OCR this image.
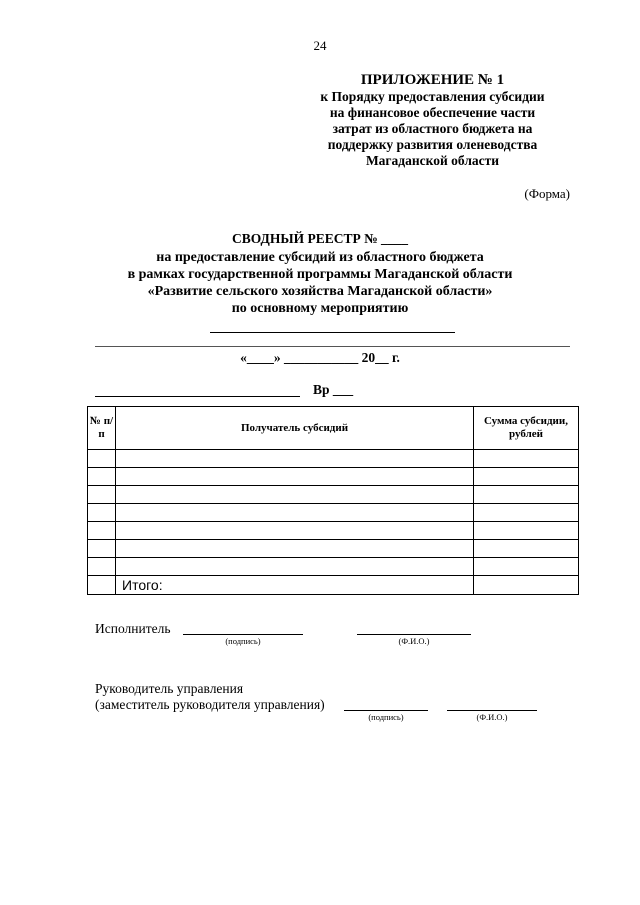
24
ПРИЛОЖЕНИЕ № 1
к Порядку предоставления субсидии
на финансовое обеспечение части
затрат из областного бюджета на
поддержку развития оленеводства
Магаданской области
(Форма)
СВОДНЫЙ РЕЕСТР № ____
на предоставление субсидий из областного бюджета
в рамках государственной программы Магаданской области
«Развитие сельского хозяйства Магаданской области»
по основному мероприятию
«____» ___________ 20__ г.
Вр ___
№ п/п	Получатель субсидий	Сумма субсидии, рублей

	Итого:	
Исполнитель
(подпись)	(Ф.И.О.)
Руководитель управления
(заместитель руководителя управления)
(подпись)	(Ф.И.О.)
